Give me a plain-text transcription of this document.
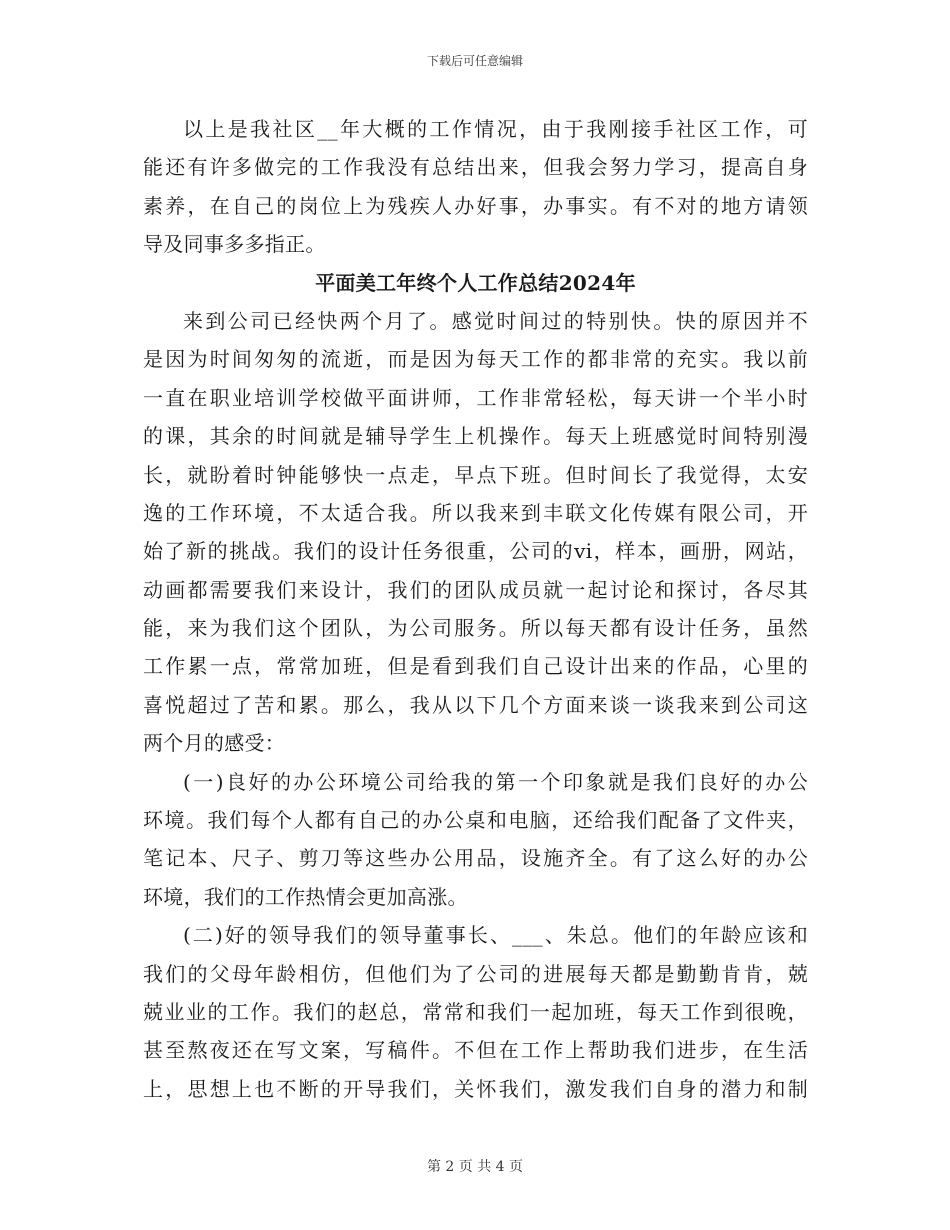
下载后可任意编辑
以上是我社区__年大概的工作情况，由于我刚接手社区工作，可
能还有许多做完的工作我没有总结出来，但我会努力学习，提高自身
素养，在自己的岗位上为残疾人办好事，办事实。有不对的地方请领
导及同事多多指正。
平面美工年终个人工作总结2024年
来到公司已经快两个月了。感觉时间过的特别快。快的原因并不
是因为时间匆匆的流逝，而是因为每天工作的都非常的充实。我以前
一直在职业培训学校做平面讲师，工作非常轻松，每天讲一个半小时
的课，其余的时间就是辅导学生上机操作。每天上班感觉时间特别漫
长，就盼着时钟能够快一点走，早点下班。但时间长了我觉得，太安
逸的工作环境，不太适合我。所以我来到丰联文化传媒有限公司，开
始了新的挑战。我们的设计任务很重，公司的vi，样本，画册，网站，
动画都需要我们来设计，我们的团队成员就一起讨论和探讨，各尽其
能，来为我们这个团队，为公司服务。所以每天都有设计任务，虽然
工作累一点，常常加班，但是看到我们自己设计出来的作品，心里的
喜悦超过了苦和累。那么，我从以下几个方面来谈一谈我来到公司这
两个月的感受：
(一)良好的办公环境公司给我的第一个印象就是我们良好的办公
环境。我们每个人都有自己的办公桌和电脑，还给我们配备了文件夹，
笔记本、尺子、剪刀等这些办公用品，设施齐全。有了这么好的办公
环境，我们的工作热情会更加高涨。
(二)好的领导我们的领导董事长、___、朱总。他们的年龄应该和
我们的父母年龄相仿，但他们为了公司的进展每天都是勤勤肯肯，兢
兢业业的工作。我们的赵总，常常和我们一起加班，每天工作到很晚，
甚至熬夜还在写文案，写稿件。不但在工作上帮助我们进步，在生活
上，思想上也不断的开导我们，关怀我们，激发我们自身的潜力和制
第 2 页 共 4 页
